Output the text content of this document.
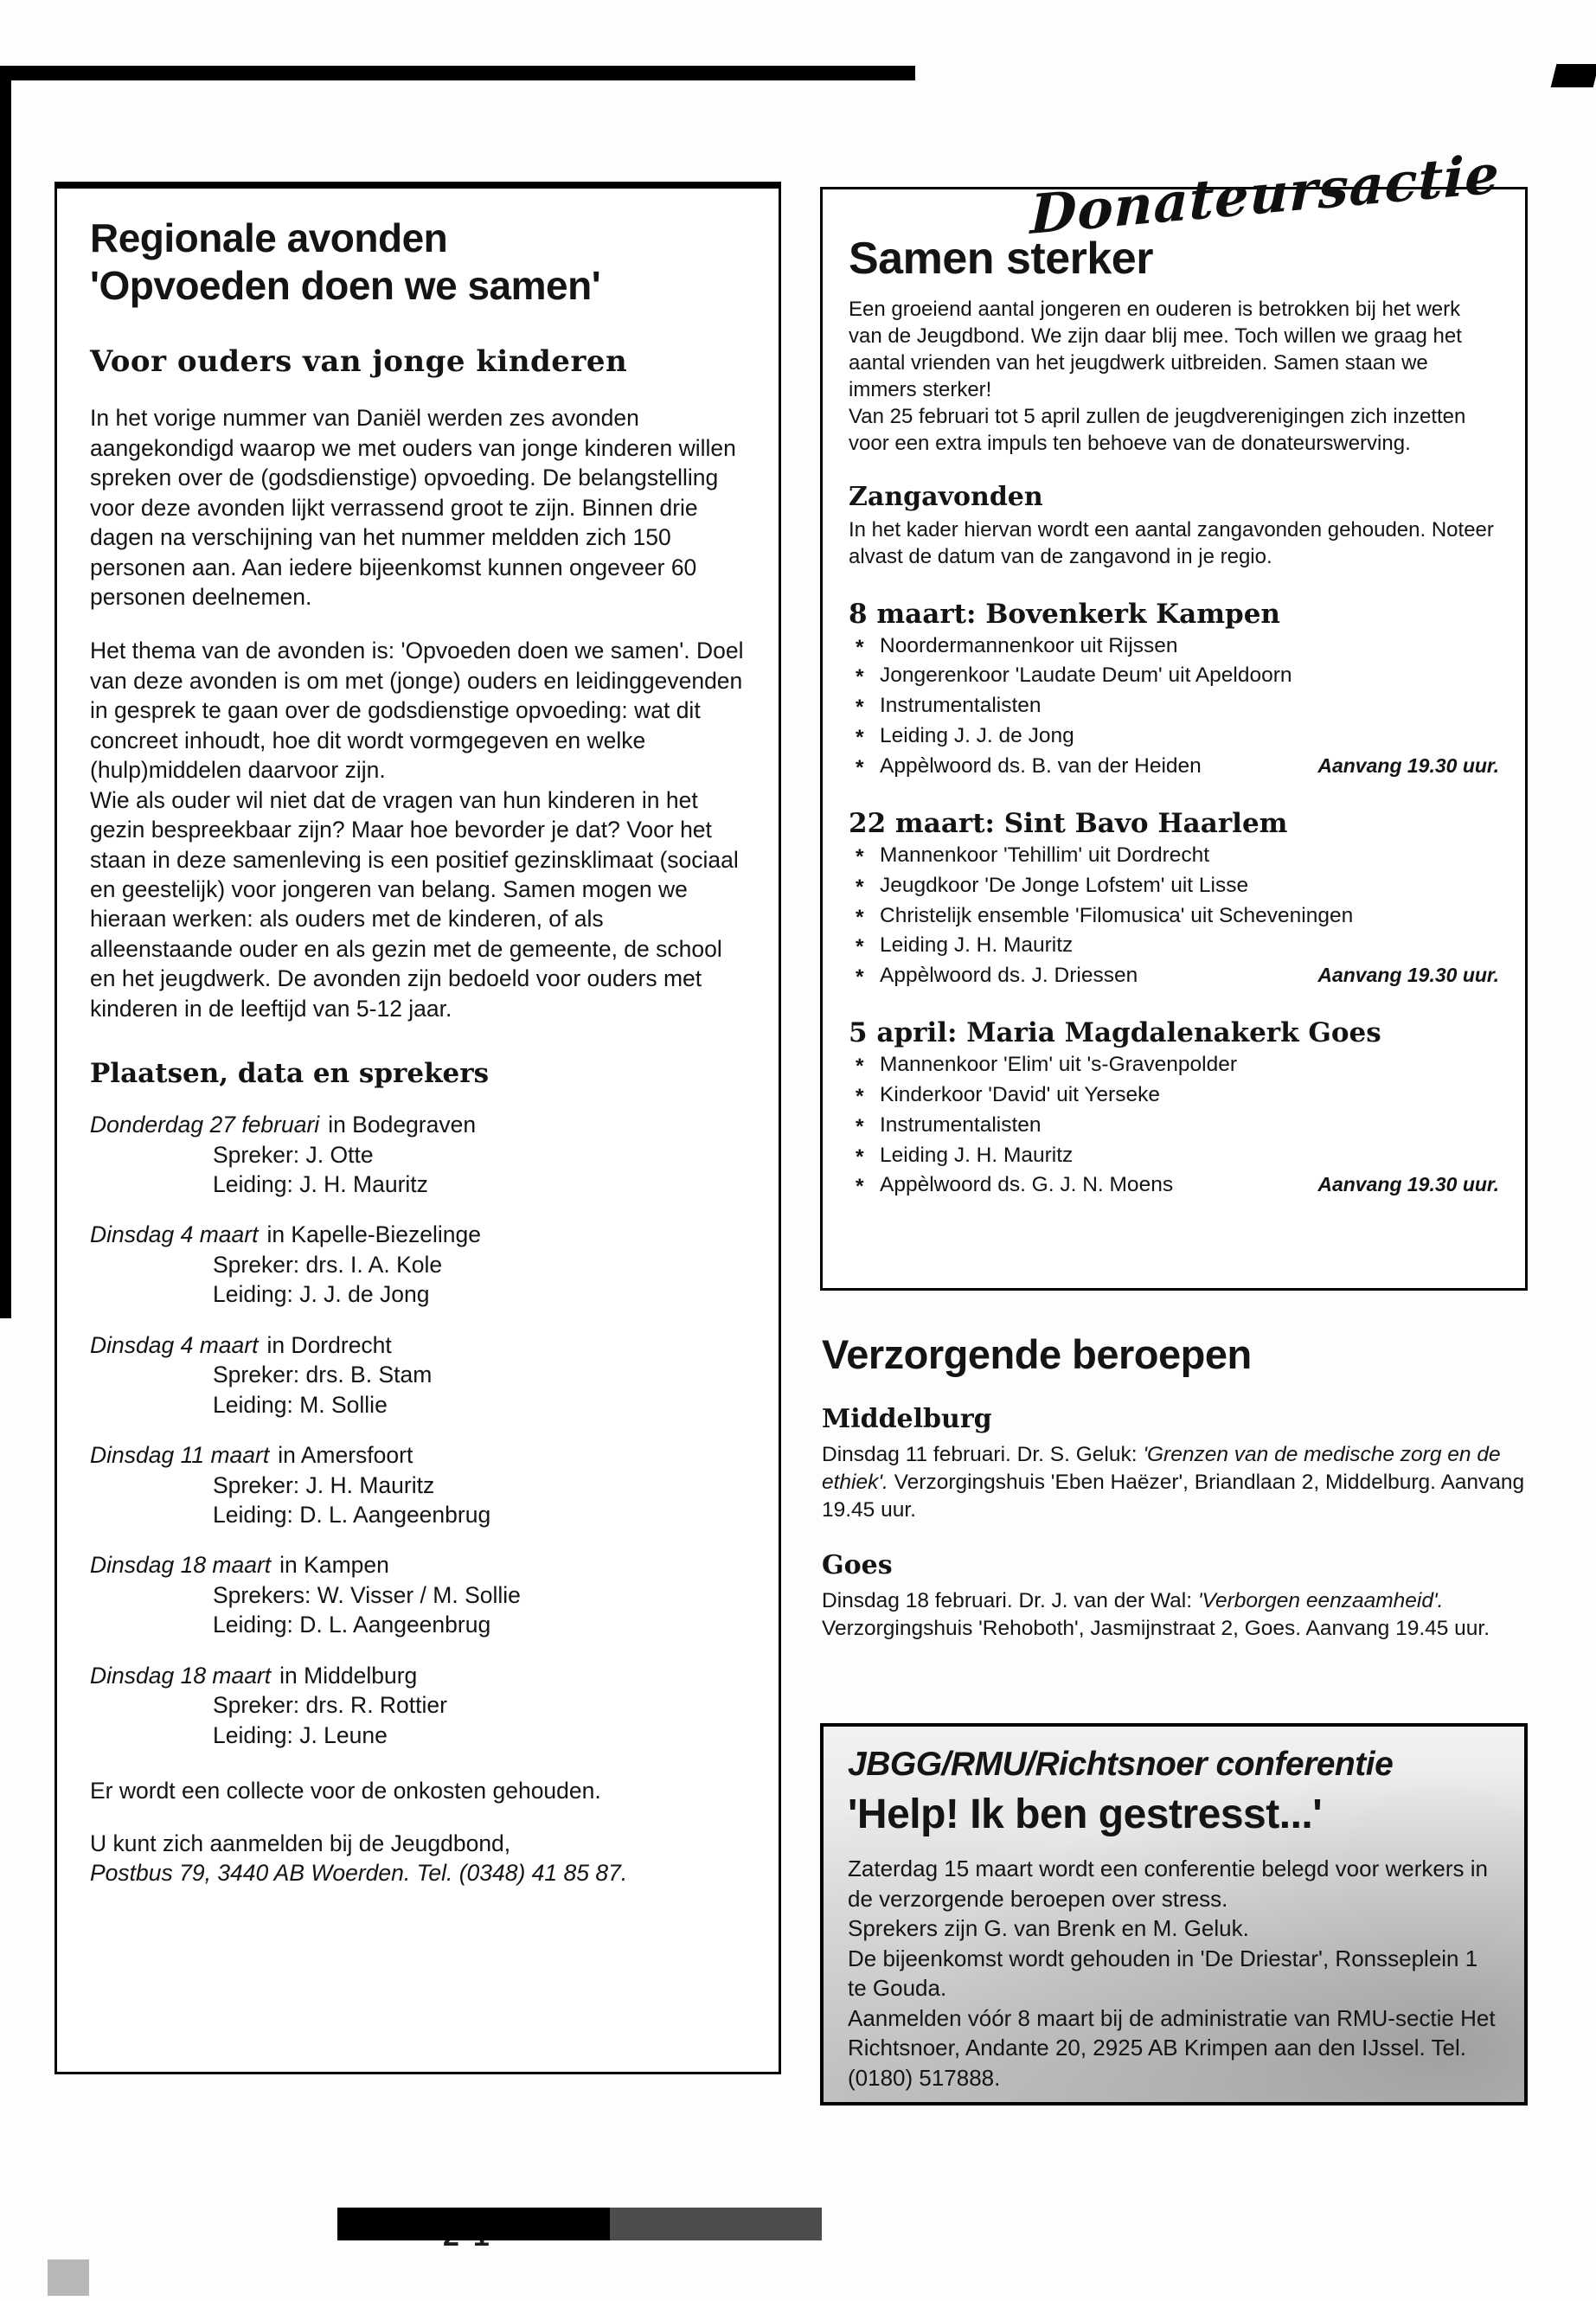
Regionale avonden
'Opvoeden doen we samen'
Voor ouders van jonge kinderen

In het vorige nummer van Daniël werden zes avonden aangekondigd waarop we met ouders van jonge kinderen willen spreken over de (godsdienstige) opvoeding. De belangstelling voor deze avonden lijkt verrassend groot te zijn. Binnen drie dagen na verschijning van het nummer meldden zich 150 personen aan. Aan iedere bijeenkomst kunnen ongeveer 60 personen deelnemen.

Het thema van de avonden is: 'Opvoeden doen we samen'. Doel van deze avonden is om met (jonge) ouders en leidinggevenden in gesprek te gaan over de godsdienstige opvoeding: wat dit concreet inhoudt, hoe dit wordt vormgegeven en welke (hulp)middelen daarvoor zijn.

Wie als ouder wil niet dat de vragen van hun kinderen in het gezin bespreekbaar zijn? Maar hoe bevorder je dat? Voor het staan in deze samenleving is een positief gezinsklimaat (sociaal en geestelijk) voor jongeren van belang. Samen mogen we hieraan werken: als ouders met de kinderen, of als alleenstaande ouder en als gezin met de gemeente, de school en het jeugdwerk. De avonden zijn bedoeld voor ouders met kinderen in de leeftijd van 5-12 jaar.

Plaatsen, data en sprekers
Donderdag 27 februari in Bodegraven
Spreker: J. Otte
Leiding: J. H. Mauritz
Dinsdag 4 maart in Kapelle-Biezelinge
Spreker: drs. I. A. Kole
Leiding: J. J. de Jong
Dinsdag 4 maart in Dordrecht
Spreker: drs. B. Stam
Leiding: M. Sollie
Dinsdag 11 maart in Amersfoort
Spreker: J. H. Mauritz
Leiding: D. L. Aangeenbrug
Dinsdag 18 maart in Kampen
Sprekers: W. Visser / M. Sollie
Leiding: D. L. Aangeenbrug
Dinsdag 18 maart in Middelburg
Spreker: drs. R. Rottier
Leiding: J. Leune
Er wordt een collecte voor de onkosten gehouden.
U kunt zich aanmelden bij de Jeugdbond,
Postbus 79, 3440 AB Woerden. Tel. (0348) 41 85 87.
Donateursactie
Samen sterker

Een groeiend aantal jongeren en ouderen is betrokken bij het werk van de Jeugdbond. We zijn daar blij mee. Toch willen we graag het aantal vrienden van het jeugdwerk uitbreiden. Samen staan we immers sterker!

Van 25 februari tot 5 april zullen de jeugdverenigingen zich inzetten voor een extra impuls ten behoeve van de donateurswerving.

Zangavonden

In het kader hiervan wordt een aantal zangavonden gehouden. Noteer alvast de datum van de zangavond in je regio.

8 maart: Bovenkerk Kampen
* Noordermannenkoor uit Rijssen
* Jongerenkoor 'Laudate Deum' uit Apeldoorn
* Instrumentalisten
* Leiding J. J. de Jong
* Appèlwoord ds. B. van der Heiden	Aanvang 19.30 uur.
22 maart: Sint Bavo Haarlem
* Mannenkoor 'Tehillim' uit Dordrecht
* Jeugdkoor 'De Jonge Lofstem' uit Lisse
* Christelijk ensemble 'Filomusica' uit Scheveningen
* Leiding J. H. Mauritz
* Appèlwoord ds. J. Driessen	Aanvang 19.30 uur.
5 april: Maria Magdalenakerk Goes
* Mannenkoor 'Elim' uit 's-Gravenpolder
* Kinderkoor 'David' uit Yerseke
* Instrumentalisten
* Leiding J. H. Mauritz
* Appèlwoord ds. G. J. N. Moens	Aanvang 19.30 uur.
Verzorgende beroepen
Middelburg

Dinsdag 11 februari. Dr. S. Geluk: 'Grenzen van de medische zorg en de ethiek'. Verzorgingshuis 'Eben Haëzer', Briandlaan 2, Middelburg. Aanvang 19.45 uur.

Goes

Dinsdag 18 februari. Dr. J. van der Wal: 'Verborgen eenzaamheid'. Verzorgingshuis 'Rehoboth', Jasmijnstraat 2, Goes. Aanvang 19.45 uur.

JBGG/RMU/Richtsnoer conferentie
'Help! Ik ben gestresst...'
Zaterdag 15 maart wordt een conferentie belegd voor werkers in de verzorgende beroepen over stress.
Sprekers zijn G. van Brenk en M. Geluk.
De bijeenkomst wordt gehouden in 'De Driestar', Ronsseplein 1 te Gouda.
Aanmelden vóór 8 maart bij de administratie van RMU-sectie Het Richtsnoer, Andante 20, 2925 AB Krimpen aan den IJssel. Tel. (0180) 517888.
